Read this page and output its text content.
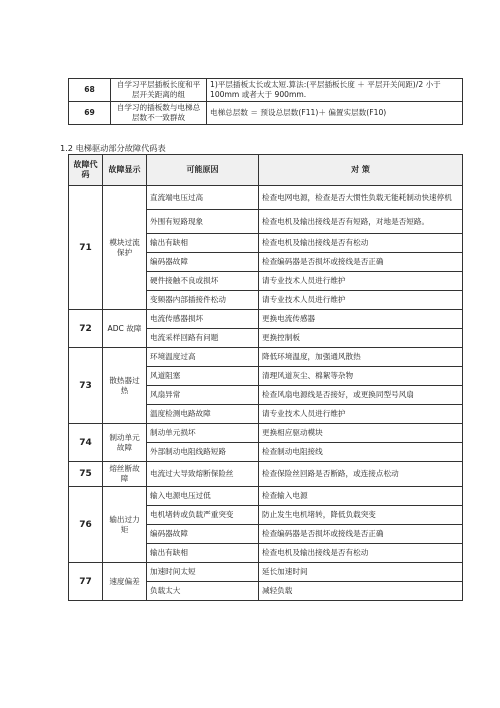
68	自学习平层插板长度和平层开关距离的组	1)平层插板太长或太短.算法:(平层插板长度 ＋ 平层开关间距)/2 小于 100mm 或者大于 900mm.
69	自学习的插板数与电梯总层数不一致群故	电梯总层数 ＝ 预设总层数(F11)＋ 偏置实层数(F10)
1.2 电梯驱动部分故障代码表
故障代码	故障显示	可能原因	对 策
71	模块过流保护	直流端电压过高	检查电网电源，检查是否大惯性负载无能耗制动快速停机
		外围有短路现象	检查电机及输出接线是否有短路，对地是否短路。
		输出有缺相	检查电机及输出接线是否有松动
		编码器故障	检查编码器是否损坏或接线是否正确
		硬件接触不良或损坏	请专业技术人员进行维护
		变频器内部插接件松动	请专业技术人员进行维护
72	ADC 故障	电流传感器损坏	更换电流传感器
		电流采样回路有问题	更换控制板
73	散热器过热	环境温度过高	降低环境温度，加强通风散热
		风道阻塞	清理风道灰尘、棉絮等杂物
		风扇异常	检查风扇电源线是否接好，或更换同型号风扇
		温度检测电路故障	请专业技术人员进行维护
74	制动单元故障	制动单元损坏	更换相应驱动模块
		外部制动电阻线路短路	检查制动电阻接线
75	熔丝断故障	电流过大导致熔断保险丝	检查保险丝回路是否断路，或连接点松动
76	输出过力矩	输入电源电压过低	检查输入电源
		电机堵转或负载严重突变	防止发生电机堵转，降低负载突变
		编码器故障	检查编码器是否损坏或接线是否正确
		输出有缺相	检查电机及输出接线是否有松动
77	速度偏差	加速时间太短	延长加速时间
		负载太大	减轻负载
